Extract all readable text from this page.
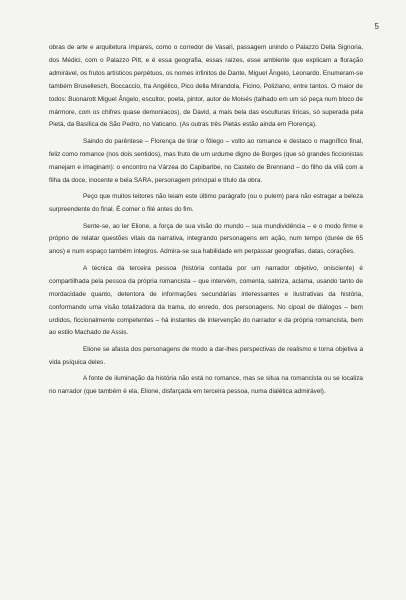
5

obras de arte e arquitetura ímpares, como o corredor de Vasari, passagem unindo o Palazzo Della Signoria, dos Médici, com o Palazzo Pitt, e é essa geografia, essas raízes, esse ambiente que explicam a floração admirável, os frutos artísticos perpétuos, os nomes infinitos de Dante, Miguel Ângelo, Leonardo. Enumeram-se também Brusellesch, Boccaccio, fra Angélico, Pico della Mirandola, Ficino, Poliziano, entre tantos. O maior de todos: Buonarott Miguel Ângelo, escultor, poeta, pintor, autor de Moisés (talhado em um só peça num bloco de mármore, com os chifres quase demoníacos), de David, a mais bela das esculturas líricas, só superada pela Pietá, da Basílica de São Pedro, no Vaticano. (As outras três Pietás estão ainda em Florença).

Saindo do parêntese – Florença de tirar o fôlego – volto ao romance e destaco o magnífico final, feliz como romance (nos dois sentidos), mas fruto de um urdume digno de Borges (que só grandes ficcionistas manejam e imaginam): o encontro na Várzea do Capibaribe, no Castelo de Brennand – do filho da vilã com a filha da doce, inocente e bela SARA, personagem principal e título da obra.

Peço que muitos leitores não leiam este último parágrafo (ou o pulem) para não estragar a beleza surpreendente do final. É comer o filé antes do fim.

Sente-se, ao ler Elione, a força de sua visão do mundo – sua mundividência – e o modo firme e próprio de relatar questões vitais da narrativa, integrando personagens em ação, num tempo (durée de 65 anos) e num espaço também íntegros. Admira-se sua habilidade em perpassar geografias, datas, corações.

A técnica da terceira pessoa (história contada por um narrador objetivo, onisciente) é compartilhada pela pessoa da própria romancista – que intervém, comenta, satiriza, aclama, usando tanto de mordacidade quanto, detentora de informações secundárias interessantes e ilustrativas da história, conformando uma visão totalizadora da trama, do enredo, dos personagens. No cipoal de diálogos – bem urdidos, ficcionalmente competentes – há instantes de intervenção do narrador e da própria romancista, bem ao estilo Machado de Assis.

Elione se afasta dos personagens de modo a dar-lhes perspectivas de realismo e torna objetiva a vida psíquica deles.

A fonte de iluminação da história não está no romance, mas se situa na romancista ou se localiza no narrador (que também é ela, Elione, disfarçada em terceira pessoa, numa dialética admirável).
